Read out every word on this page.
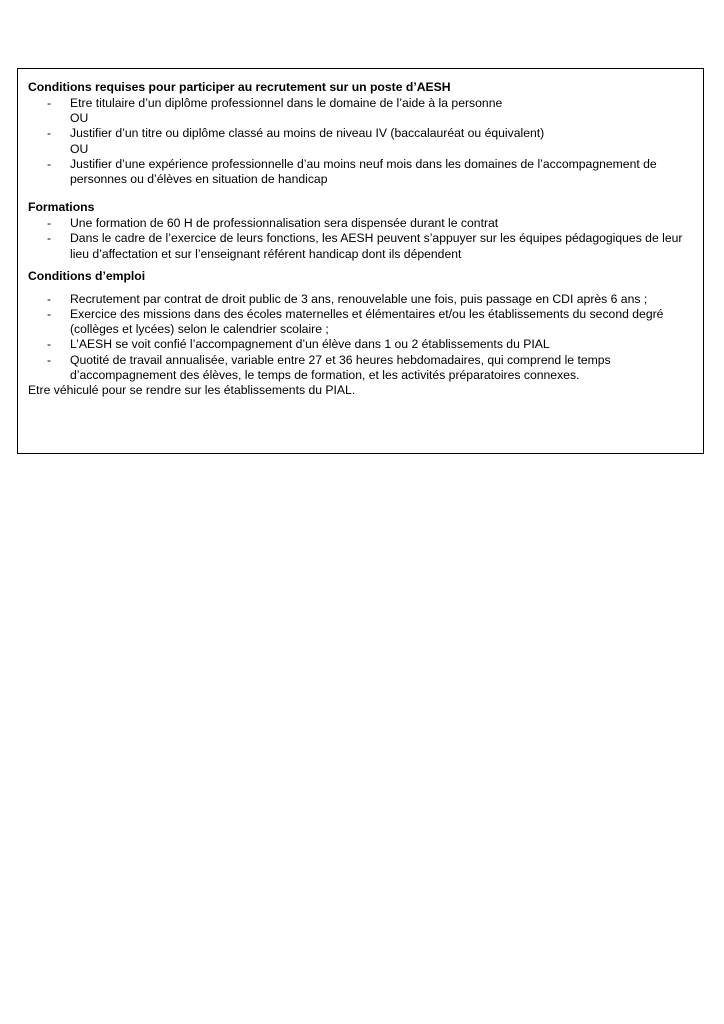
Conditions requises pour participer au recrutement sur un poste d’AESH

- Etre titulaire d’un diplôme professionnel dans le domaine de l’aide à la personne
OU
- Justifier d’un titre ou diplôme classé au moins de niveau IV (baccalauréat ou équivalent)
OU
- Justifier d’une expérience professionnelle d’au moins neuf mois dans les domaines de l’accompagnement de personnes ou d’élèves en situation de handicap

Formations

- Une formation de 60 H de professionnalisation sera dispensée durant le contrat
- Dans le cadre de l’exercice de leurs fonctions, les AESH peuvent s’appuyer sur les équipes pédagogiques de leur lieu d’affectation et sur l’enseignant référent handicap dont ils dépendent

Conditions d’emploi

- Recrutement par contrat de droit public de 3 ans, renouvelable une fois, puis passage en CDI après 6 ans ;
- Exercice des missions dans des écoles maternelles et élémentaires et/ou les établissements du second degré (collèges et lycées) selon le calendrier scolaire ;
- L’AESH se voit confié l’accompagnement d’un élève dans 1 ou 2 établissements du PIAL
- Quotité de travail annualisée, variable entre 27 et 36 heures hebdomadaires, qui comprend le temps d’accompagnement des élèves, le temps de formation, et les activités préparatoires connexes.

Etre véhiculé pour se rendre sur les établissements du PIAL.
